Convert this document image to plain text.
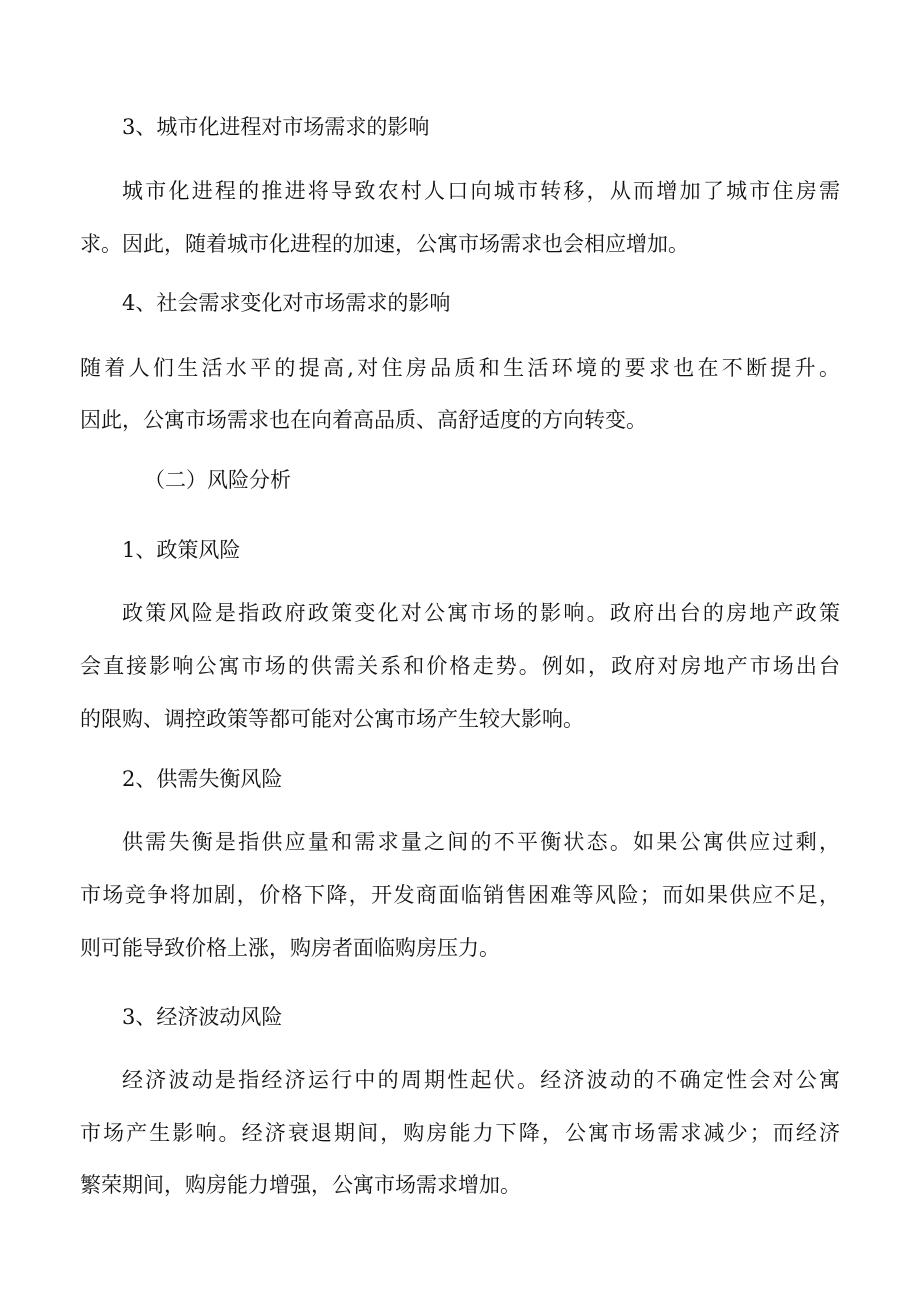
3、城市化进程对市场需求的影响
城市化进程的推进将导致农村人口向城市转移，从而增加了城市住房需
求。因此，随着城市化进程的加速，公寓市场需求也会相应增加。
4、社会需求变化对市场需求的影响
随着人们生活水平的提高,对住房品质和生活环境的要求也在不断提升。
因此，公寓市场需求也在向着高品质、高舒适度的方向转变。
（二）风险分析
1、政策风险
政策风险是指政府政策变化对公寓市场的影响。政府出台的房地产政策
会直接影响公寓市场的供需关系和价格走势。例如，政府对房地产市场出台
的限购、调控政策等都可能对公寓市场产生较大影响。
2、供需失衡风险
供需失衡是指供应量和需求量之间的不平衡状态。如果公寓供应过剩，
市场竞争将加剧，价格下降，开发商面临销售困难等风险；而如果供应不足，
则可能导致价格上涨，购房者面临购房压力。
3、经济波动风险
经济波动是指经济运行中的周期性起伏。经济波动的不确定性会对公寓
市场产生影响。经济衰退期间，购房能力下降，公寓市场需求减少；而经济
繁荣期间，购房能力增强，公寓市场需求增加。
